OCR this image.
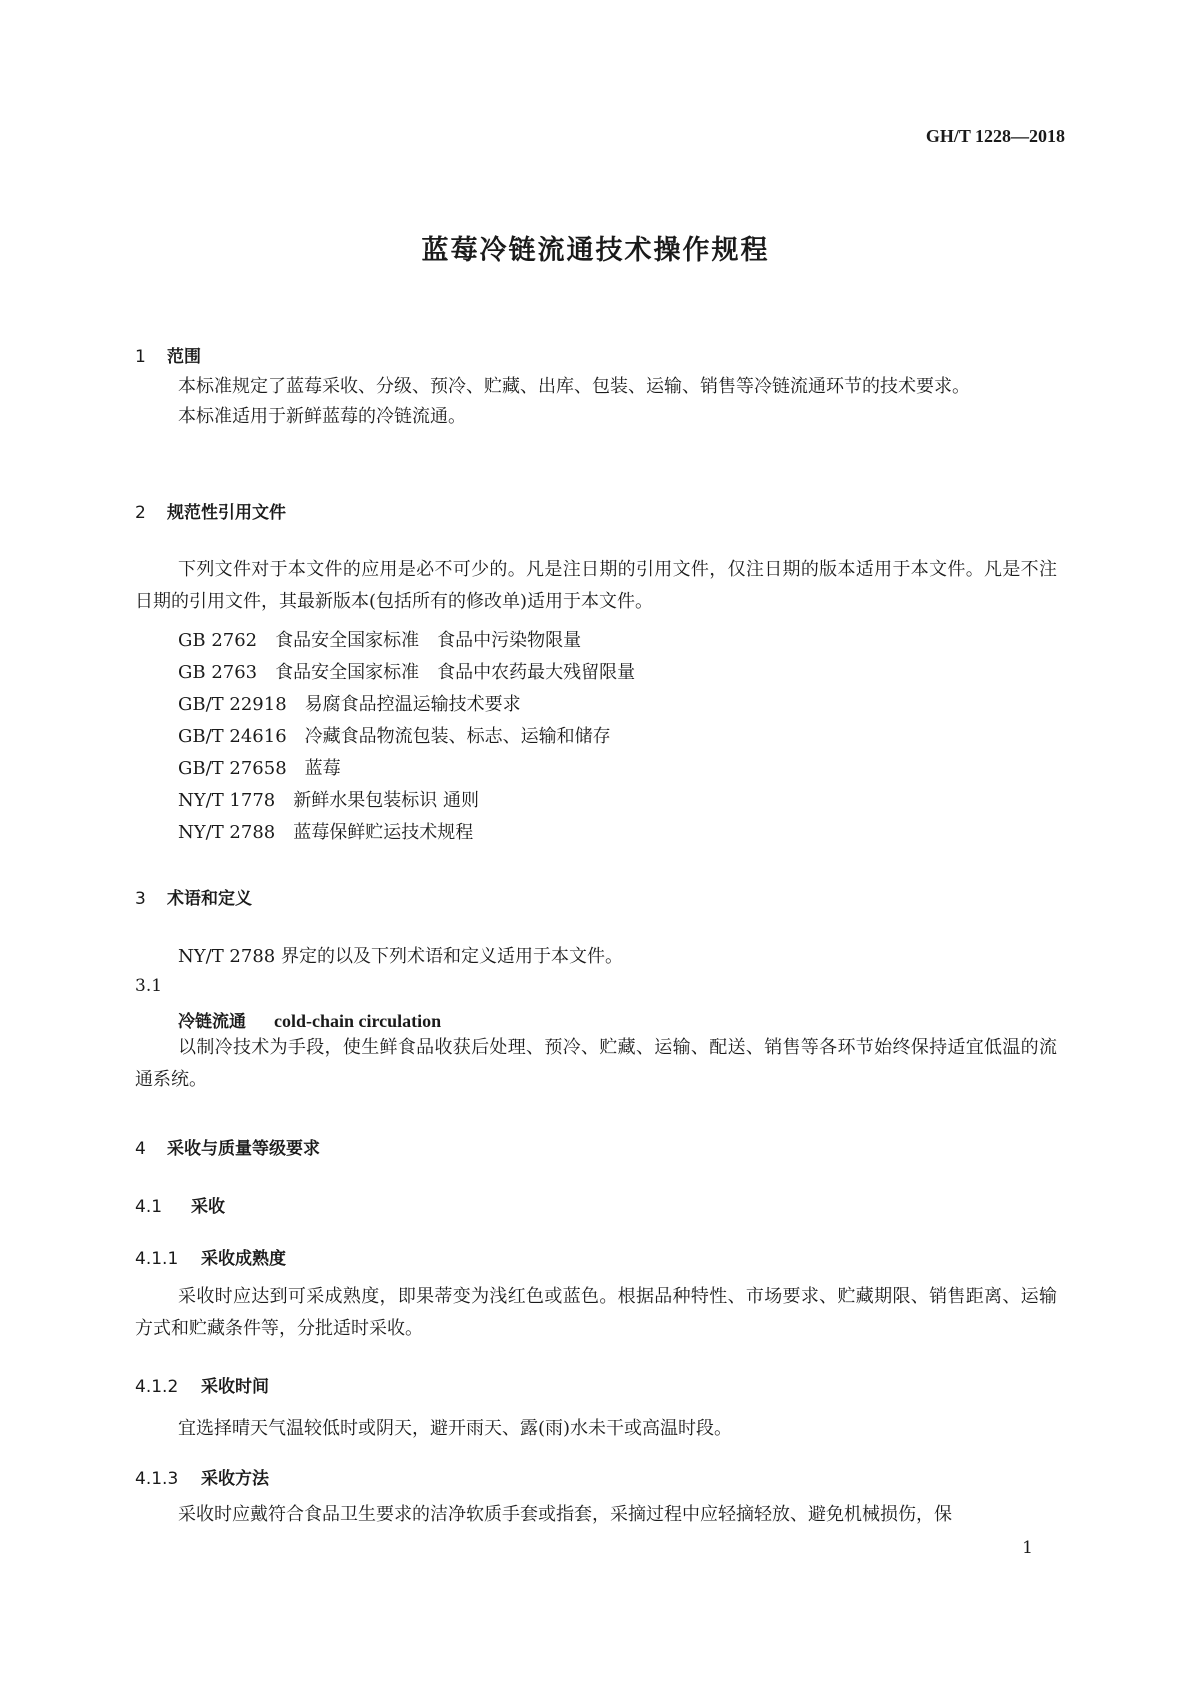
GH/T 1228—2018
蓝莓冷链流通技术操作规程
1 范围
本标准规定了蓝莓采收、分级、预冷、贮藏、出库、包装、运输、销售等冷链流通环节的技术要求。
本标准适用于新鲜蓝莓的冷链流通。
2 规范性引用文件
下列文件对于本文件的应用是必不可少的。凡是注日期的引用文件，仅注日期的版本适用于本文件。凡是不注日期的引用文件，其最新版本(包括所有的修改单)适用于本文件。
GB 2762 食品安全国家标准　食品中污染物限量
GB 2763 食品安全国家标准　食品中农药最大残留限量
GB/T 22918 易腐食品控温运输技术要求
GB/T 24616 冷藏食品物流包装、标志、运输和储存
GB/T 27658 蓝莓
NY/T 1778 新鲜水果包装标识 通则
NY/T 2788 蓝莓保鲜贮运技术规程
3 术语和定义
NY/T 2788 界定的以及下列术语和定义适用于本文件。
3.1
冷链流通 cold-chain circulation
以制冷技术为手段，使生鲜食品收获后处理、预冷、贮藏、运输、配送、销售等各环节始终保持适宜低温的流通系统。
4 采收与质量等级要求
4.1 采收
4.1.1 采收成熟度
采收时应达到可采成熟度，即果蒂变为浅红色或蓝色。根据品种特性、市场要求、贮藏期限、销售距离、运输方式和贮藏条件等，分批适时采收。
4.1.2 采收时间
宜选择晴天气温较低时或阴天，避开雨天、露(雨)水未干或高温时段。
4.1.3 采收方法
采收时应戴符合食品卫生要求的洁净软质手套或指套，采摘过程中应轻摘轻放、避免机械损伤，保
1
